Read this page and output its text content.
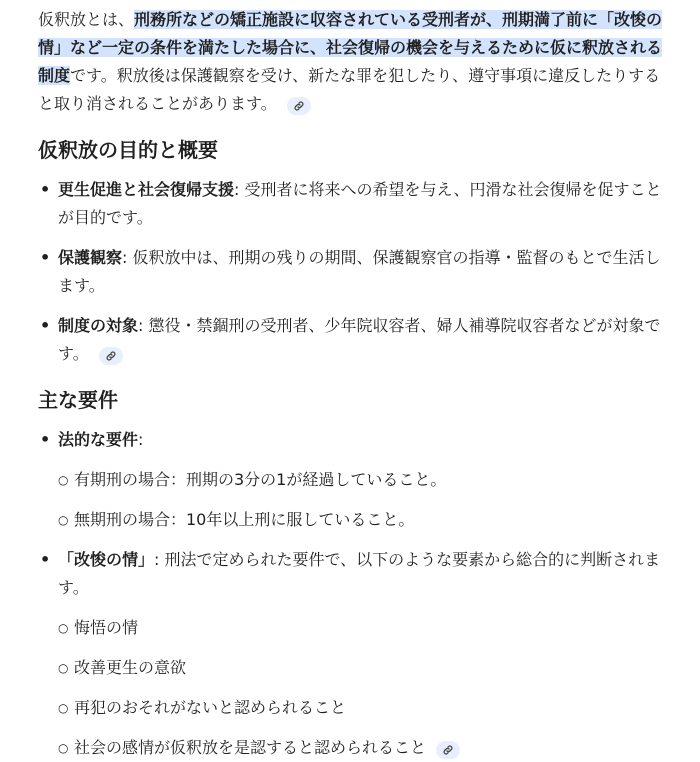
仮釈放とは、刑務所などの矯正施設に収容されている受刑者が、刑期満了前に「改悛の情」など一定の条件を満たした場合に、社会復帰の機会を与えるために仮に釈放される制度です。釈放後は保護観察を受け、新たな罪を犯したり、遵守事項に違反したりすると取り消されることがあります。

仮釈放の目的と概要
• 更生促進と社会復帰支援: 受刑者に将来への希望を与え、円滑な社会復帰を促すことが目的です。
• 保護観察: 仮釈放中は、刑期の残りの期間、保護観察官の指導・監督のもとで生活します。
• 制度の対象: 懲役・禁錮刑の受刑者、少年院収容者、婦人補導院収容者などが対象です。
主な要件
• 法的な要件:
○ 有期刑の場合：刑期の3分の1が経過していること。
○ 無期刑の場合：10年以上刑に服していること。
• 「改悛の情」: 刑法で定められた要件で、以下のような要素から総合的に判断されます。
○ 悔悟の情
○ 改善更生の意欲
○ 再犯のおそれがないと認められること
○ 社会の感情が仮釈放を是認すると認められること
